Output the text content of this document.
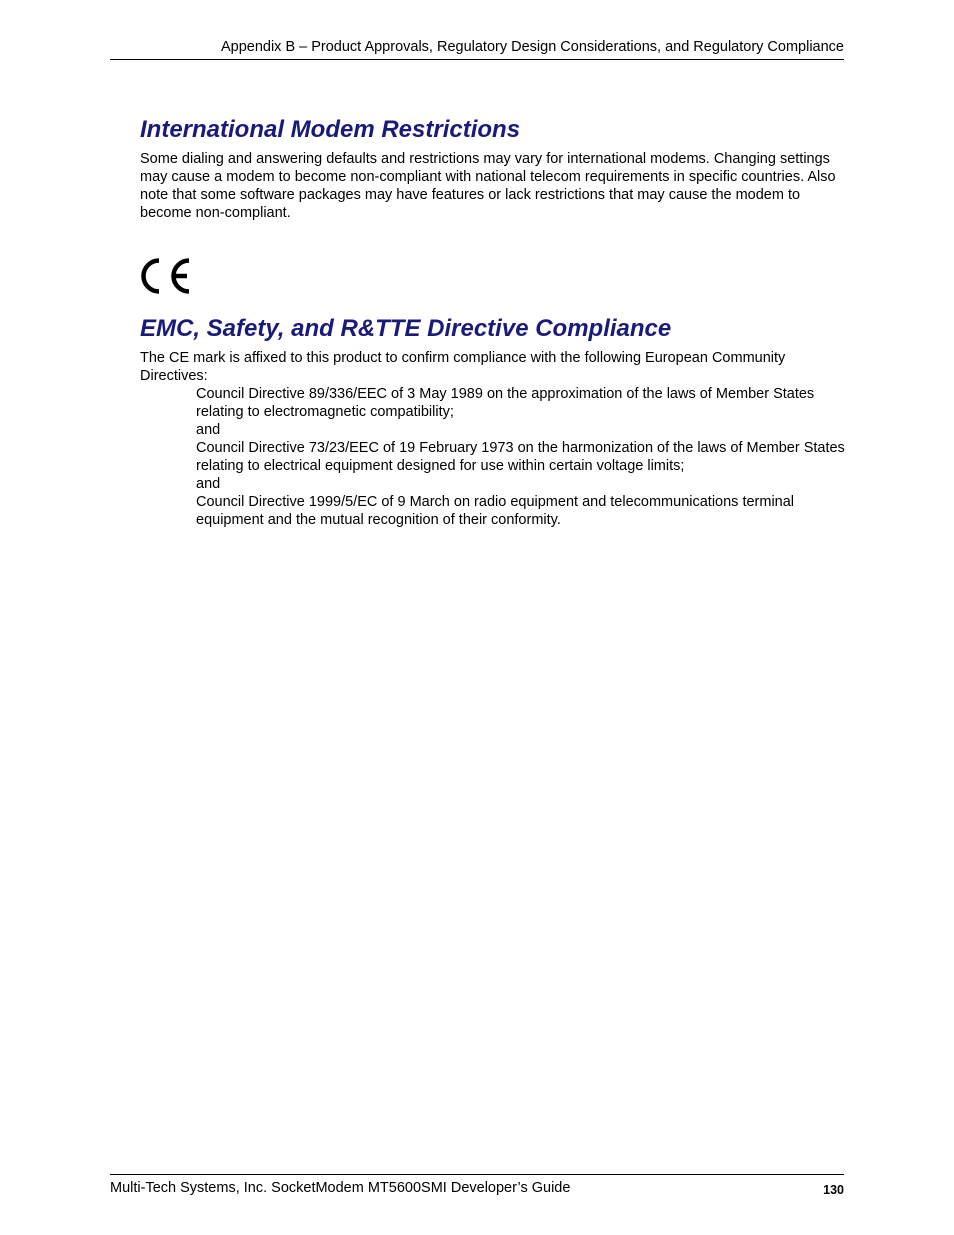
Appendix B – Product Approvals, Regulatory Design Considerations, and Regulatory Compliance
International Modem Restrictions

Some dialing and answering defaults and restrictions may vary for international modems. Changing settings may cause a modem to become non-compliant with national telecom requirements in specific countries. Also note that some software packages may have features or lack restrictions that may cause the modem to become non-compliant.

EMC, Safety, and R&TTE Directive Compliance

The CE mark is affixed to this product to confirm compliance with the following European Community Directives:

Council Directive 89/336/EEC of 3 May 1989 on the approximation of the laws of Member States relating to electromagnetic compatibility;
and
Council Directive 73/23/EEC of 19 February 1973 on the harmonization of the laws of Member States relating to electrical equipment designed for use within certain voltage limits;
and
Council Directive 1999/5/EC of 9 March on radio equipment and telecommunications terminal equipment and the mutual recognition of their conformity.
Multi-Tech Systems, Inc. SocketModem MT5600SMI Developer’s Guide	130
